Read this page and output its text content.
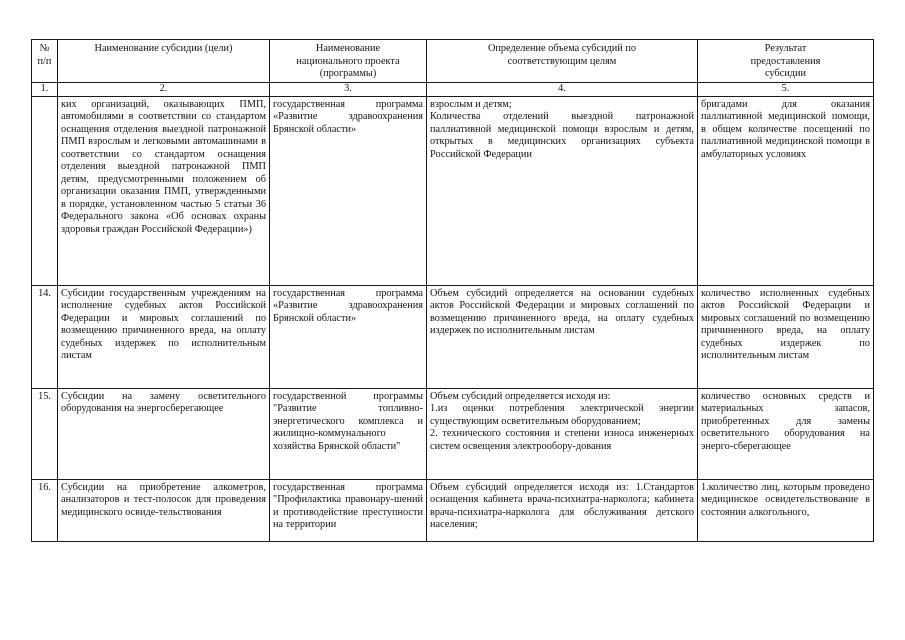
№
п/п	Наименование субсидии (цели)	Наименование
национального проекта
(программы)	Определение объема субсидий по
соответствующим целям	Результат
предоставления
субсидии

1.	2.	3.	4.	5.

	ких организаций, оказывающих ПМП, автомобилями в соответствии со стандартом оснащения отделения выездной патронажной ПМП взрослым и легковыми автомашинами в соответствии со стандартом оснащения отделения выездной патронажной ПМП детям, предусмотренными положением об организации оказания ПМП, утвержденными в порядке, установленном частью 5 статьи 36 Федерального закона «Об основах охраны здоровья граждан Российской Федерации»)	государственная программа «Развитие здравоохранения Брянской области»	взрослым и детям;
Количества отделений выездной патронажной паллиативной медицинской помощи взрослым и детям, открытых в медицинских организациях субъекта Российской Федерации	бригадами для оказания паллиативной медицинской помощи, в общем количестве посещений по паллиативной медицинской помощи в амбулаторных условиях

14.	Субсидии государственным учреждениям на исполнение судебных актов Российской Федерации и мировых соглашений по возмещению причиненного вреда, на оплату судебных издержек по исполнительным листам	государственная программа «Развитие здравоохранения Брянской области»	Объем субсидий определяется на основании судебных актов Российской Федерации и мировых соглашений по возмещению причиненного вреда, на оплату судебных издержек по исполнительным листам	количество исполненных судебных актов Российской Федерации и мировых соглашений по возмещению причиненного вреда, на оплату судебных издержек по исполнительным листам

15.	Субсидии на замену осветительного оборудования на энергосберегающее	государственной программы "Развитие топливно-энергетического комплекса и жилищно-коммунального хозяйства Брянской области"	Объем субсидий определяется исходя из:
1.из оценки потребления электрической энергии существующим осветительным оборудованием;
2. технического состояния и степени износа инженерных систем освещения электрообору-дования	количество основных средств и материальных запасов, приобретенных для замены осветительного оборудования на энерго-сберегающее

16.	Субсидии на приобретение алкометров, анализаторов и тест-полосок для проведения медицинского освиде-тельствования	государственная программа "Профилактика правонару-шений и противодействие преступности на территории	Объем субсидий определяется исходя из: 1.Стандартов оснащения кабинета врача-психиатра-нарколога; кабинета врача-психиатра-нарколога для обслуживания детского населения;	1.количество лиц, которым проведено медицинское освидетельствование в состоянии алкогольного,
